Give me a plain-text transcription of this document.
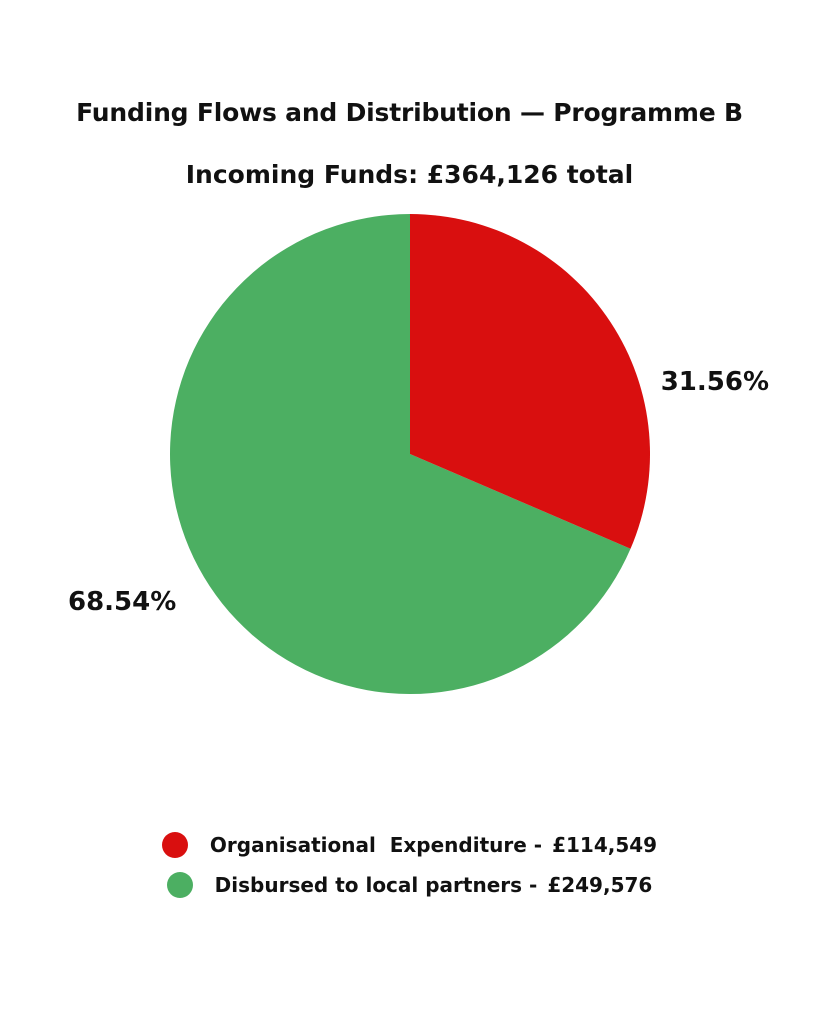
Funding Flows and Distribution — Programme B
Incoming Funds: £364,126 total
31.56%
68.54%
Organisational  Expenditure - £114,549
Disbursed to local partners - £249,576
